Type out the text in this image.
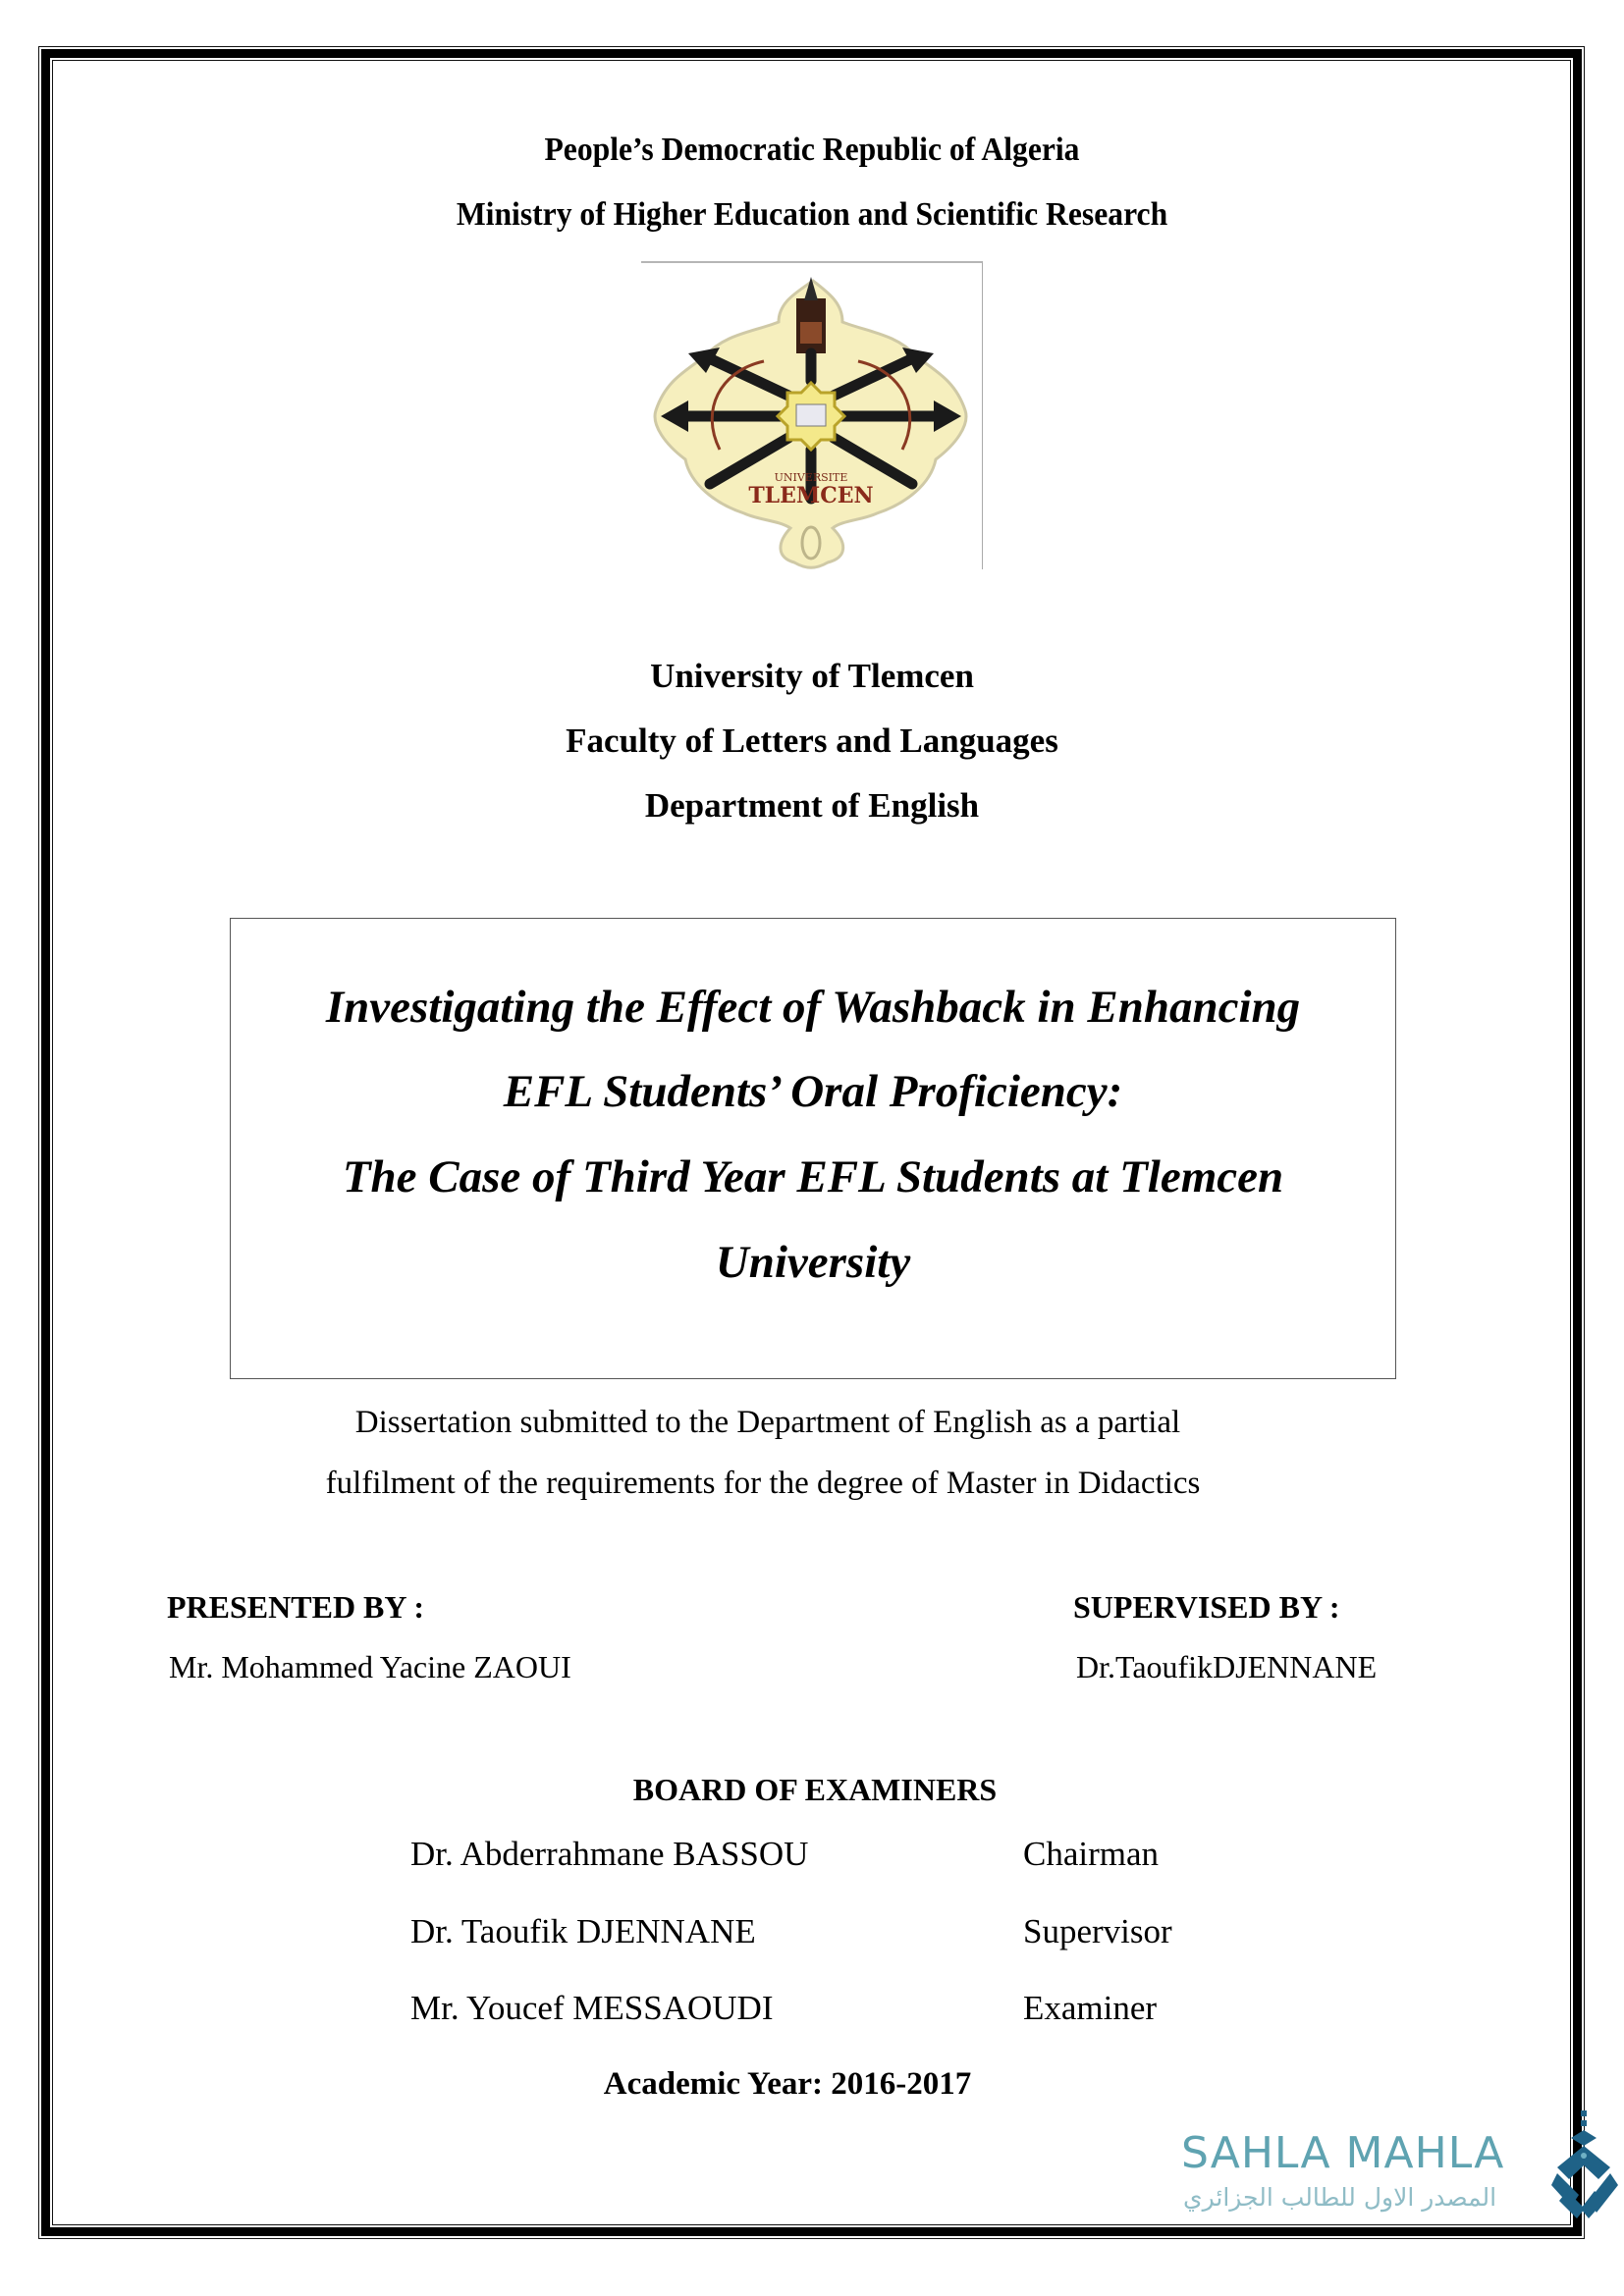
People’s Democratic Republic of Algeria
Ministry of Higher Education and Scientific Research
UNIVERSITE
TLEMCEN
University of Tlemcen
Faculty of Letters and Languages
Department of English
Investigating the Effect of Washback in Enhancing
EFL Students’ Oral Proficiency:
The Case of Third Year EFL Students at Tlemcen
University
Dissertation submitted to the Department of English as a partial
fulfilment of the requirements for the degree of Master in Didactics
PRESENTED BY :
Mr. Mohammed Yacine ZAOUI
SUPERVISED BY :
Dr.TaoufikDJENNANE
BOARD OF EXAMINERS
Dr. Abderrahmane BASSOU	Chairman
Dr. Taoufik DJENNANE	Supervisor
Mr. Youcef MESSAOUDI	Examiner
Academic Year: 2016-2017
SAHLA MAHLA
المصدر الاول للطالب الجزائري
